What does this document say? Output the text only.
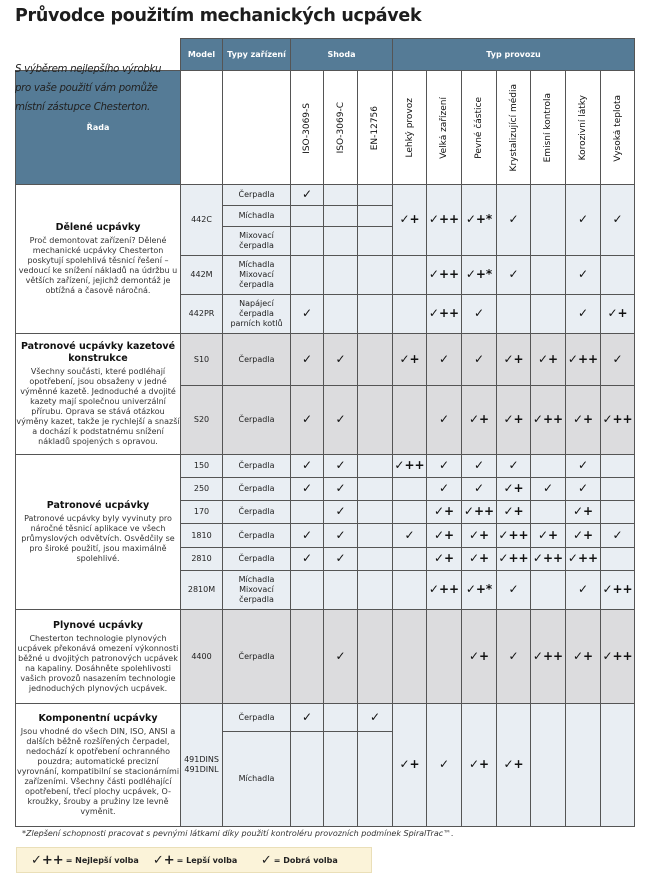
Průvodce použitím mechanických ucpávek
	Model	Typy zařízení	Shoda			Typ provozu						
			ISO-3069-S	ISO-3069-C	EN-12756	Lehký provoz	Velká zařízení	Pevné částice	Krystalizující média	Emisní kontrola	Korozivní látky	Vysoká teplota
Řada												

Dělené ucpávky
Proč demontovat zařízení? Dělené mechanické ucpávky Chesterton poskytují spolehlivá těsnicí řešení – vedoucí ke snížení nákladů na údržbu u větších zařízení, jejichž demontáž je obtížná a časově náročná.	442C	Čerpadla	✓			✓+	✓++	✓+*	✓		✓	✓
		Míchadla										
		Mixovací čerpadla										
	442M	Míchadla Mixovací čerpadla					✓++	✓+*	✓		✓	
	442PR	Napájecí čerpadla parních kotlů	✓				✓++	✓			✓	✓+

Patronové ucpávky kazetové konstrukce
Všechny součásti, které podléhají opotřebení, jsou obsaženy v jedné výměnné kazetě. Jednoduché a dvojité kazety mají společnou univerzální přírubu. Oprava se stává otázkou výměny kazet, takže je rychlejší a snazší a dochází k podstatnému snížení nákladů spojených s opravou.	S10	Čerpadla	✓	✓		✓+	✓	✓	✓+	✓+	✓++	✓
	S20	Čerpadla	✓	✓			✓	✓+	✓+	✓++	✓+	✓++

Patronové ucpávky
Patronové ucpávky byly vyvinuty pro náročné těsnicí aplikace ve všech průmyslových odvětvích. Osvědčily se pro široké použití, jsou maximálně spolehlivé.	150	Čerpadla	✓	✓		✓++	✓	✓	✓		✓	
	250	Čerpadla	✓	✓			✓	✓	✓+	✓	✓	
	170	Čerpadla		✓			✓+	✓++	✓+		✓+	
	1810	Čerpadla	✓	✓		✓	✓+	✓+	✓++	✓+	✓+	✓
	2810	Čerpadla	✓	✓			✓+	✓+	✓++	✓++	✓++	
	2810M	Míchadla Mixovací čerpadla					✓++	✓+*	✓		✓	✓++

Plynové ucpávky
Chesterton technologie plynových ucpávek překonává omezení výkonnosti běžné u dvojitých patronových ucpávek na kapaliny. Dosáhněte spolehlivosti vašich provozů nasazením technologie jednoduchých plynových ucpávek.	4400	Čerpadla		✓				✓+	✓	✓++	✓+	✓++

Komponentní ucpávky
Jsou vhodné do všech DIN, ISO, ANSI a dalších běžně rozšířených čerpadel, nedochází k opotřebení ochranného pouzdra; automatické precizní vyrovnání, kompatibilní se stacionárními zařízeními. Všechny části podléhající opotřebení, třecí plochy ucpávek, O-kroužky, šrouby a pružiny lze levně vyměnit.	491DINS 491DINL	Čerpadla	✓		✓	✓+	✓	✓+	✓+			
		Míchadla										
S výběrem nejlepšího výrobku pro vaše použití vám pomůže místní zástupce Chesterton.
*Zlepšení schopnosti pracovat s pevnými látkami díky použití kontroléru provozních podmínek SpiralTrac™.
✓++ = Nejlepší volba ✓+ = Lepší volba ✓ = Dobrá volba
